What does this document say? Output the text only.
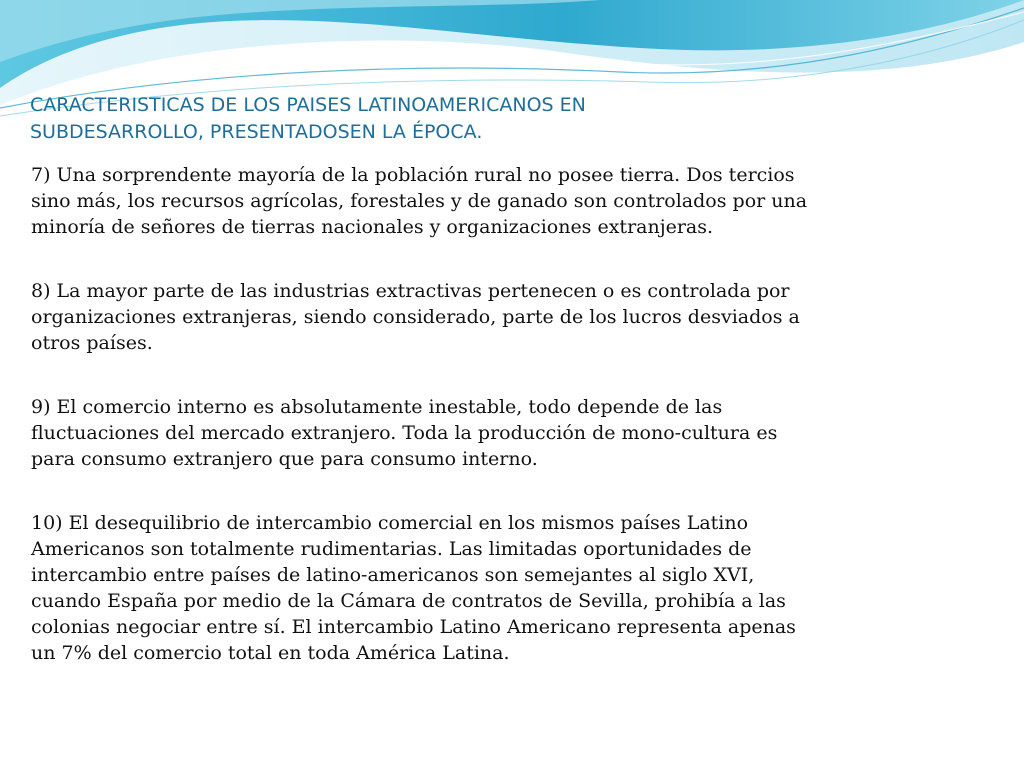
CARACTERISTICAS DE LOS PAISES LATINOAMERICANOS EN SUBDESARROLLO, PRESENTADOSEN LA ÉPOCA.

7) Una sorprendente mayoría de la población rural no posee tierra. Dos tercios sino más, los recursos agrícolas, forestales y de ganado son controlados por una minoría de señores de tierras nacionales y organizaciones extranjeras.

8) La mayor parte de las industrias extractivas pertenecen o es controlada por organizaciones extranjeras, siendo considerado, parte de los lucros desviados a otros países.

9) El comercio interno es absolutamente inestable, todo depende de las fluctuaciones del mercado extranjero. Toda la producción de mono-cultura es para consumo extranjero que para consumo interno.

10) El desequilibrio de intercambio comercial en los mismos países Latino Americanos son totalmente rudimentarias. Las limitadas oportunidades de intercambio entre países de latino-americanos son semejantes al siglo XVI, cuando España por medio de la Cámara de contratos de Sevilla, prohibía a las colonias negociar entre sí. El intercambio Latino Americano representa apenas un 7% del comercio total en toda América Latina.
